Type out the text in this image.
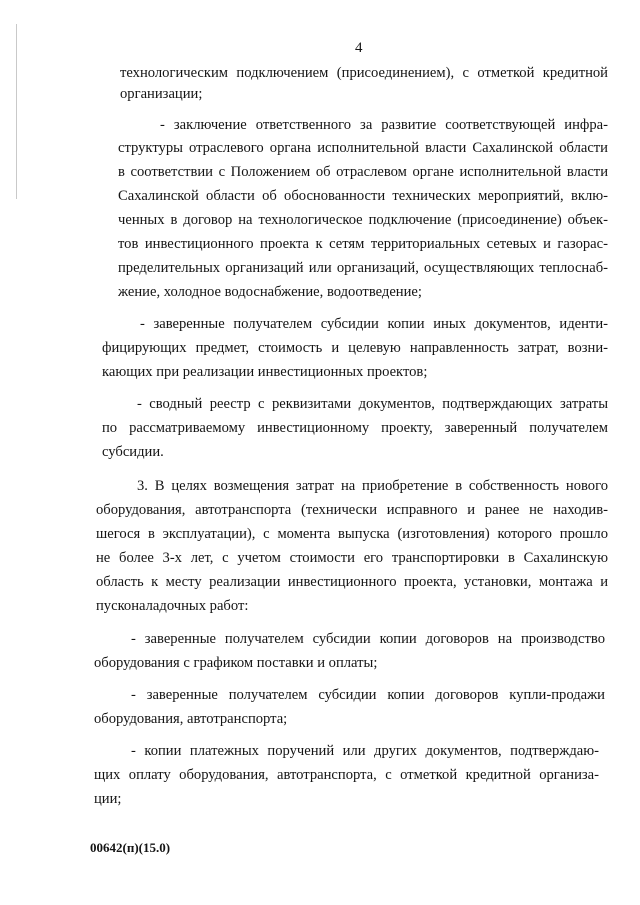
4
технологическим подключением (присоединением), с отметкой кредитной
организации;
- заключение ответственного за развитие соответствующей инфра-
структуры отраслевого органа исполнительной власти Сахалинской области
в соответствии с Положением об отраслевом органе исполнительной власти
Сахалинской области об обоснованности технических мероприятий, вклю-
ченных в договор на технологическое подключение (присоединение) объек-
тов инвестиционного проекта к сетям территориальных сетевых и газорас-
пределительных организаций или организаций, осуществляющих теплоснаб-
жение, холодное водоснабжение, водоотведение;
- заверенные получателем субсидии копии иных документов, иденти-
фицирующих предмет, стоимость и целевую направленность затрат, возни-
кающих при реализации инвестиционных проектов;
- сводный реестр с реквизитами документов, подтверждающих затраты
по рассматриваемому инвестиционному проекту, заверенный получателем
субсидии.
3. В целях возмещения затрат на приобретение в собственность нового
оборудования, автотранспорта (технически исправного и ранее не находив-
шегося в эксплуатации), с момента выпуска (изготовления) которого прошло
не более 3-х лет, с учетом стоимости его транспортировки в Сахалинскую
область к месту реализации инвестиционного проекта, установки, монтажа и
пусконаладочных работ:
- заверенные получателем субсидии копии договоров на производство
оборудования с графиком поставки и оплаты;
- заверенные получателем субсидии копии договоров купли-продажи
оборудования, автотранспорта;
- копии платежных поручений или других документов, подтверждаю-
щих оплату оборудования, автотранспорта, с отметкой кредитной организа-
ции;
00642(п)(15.0)
